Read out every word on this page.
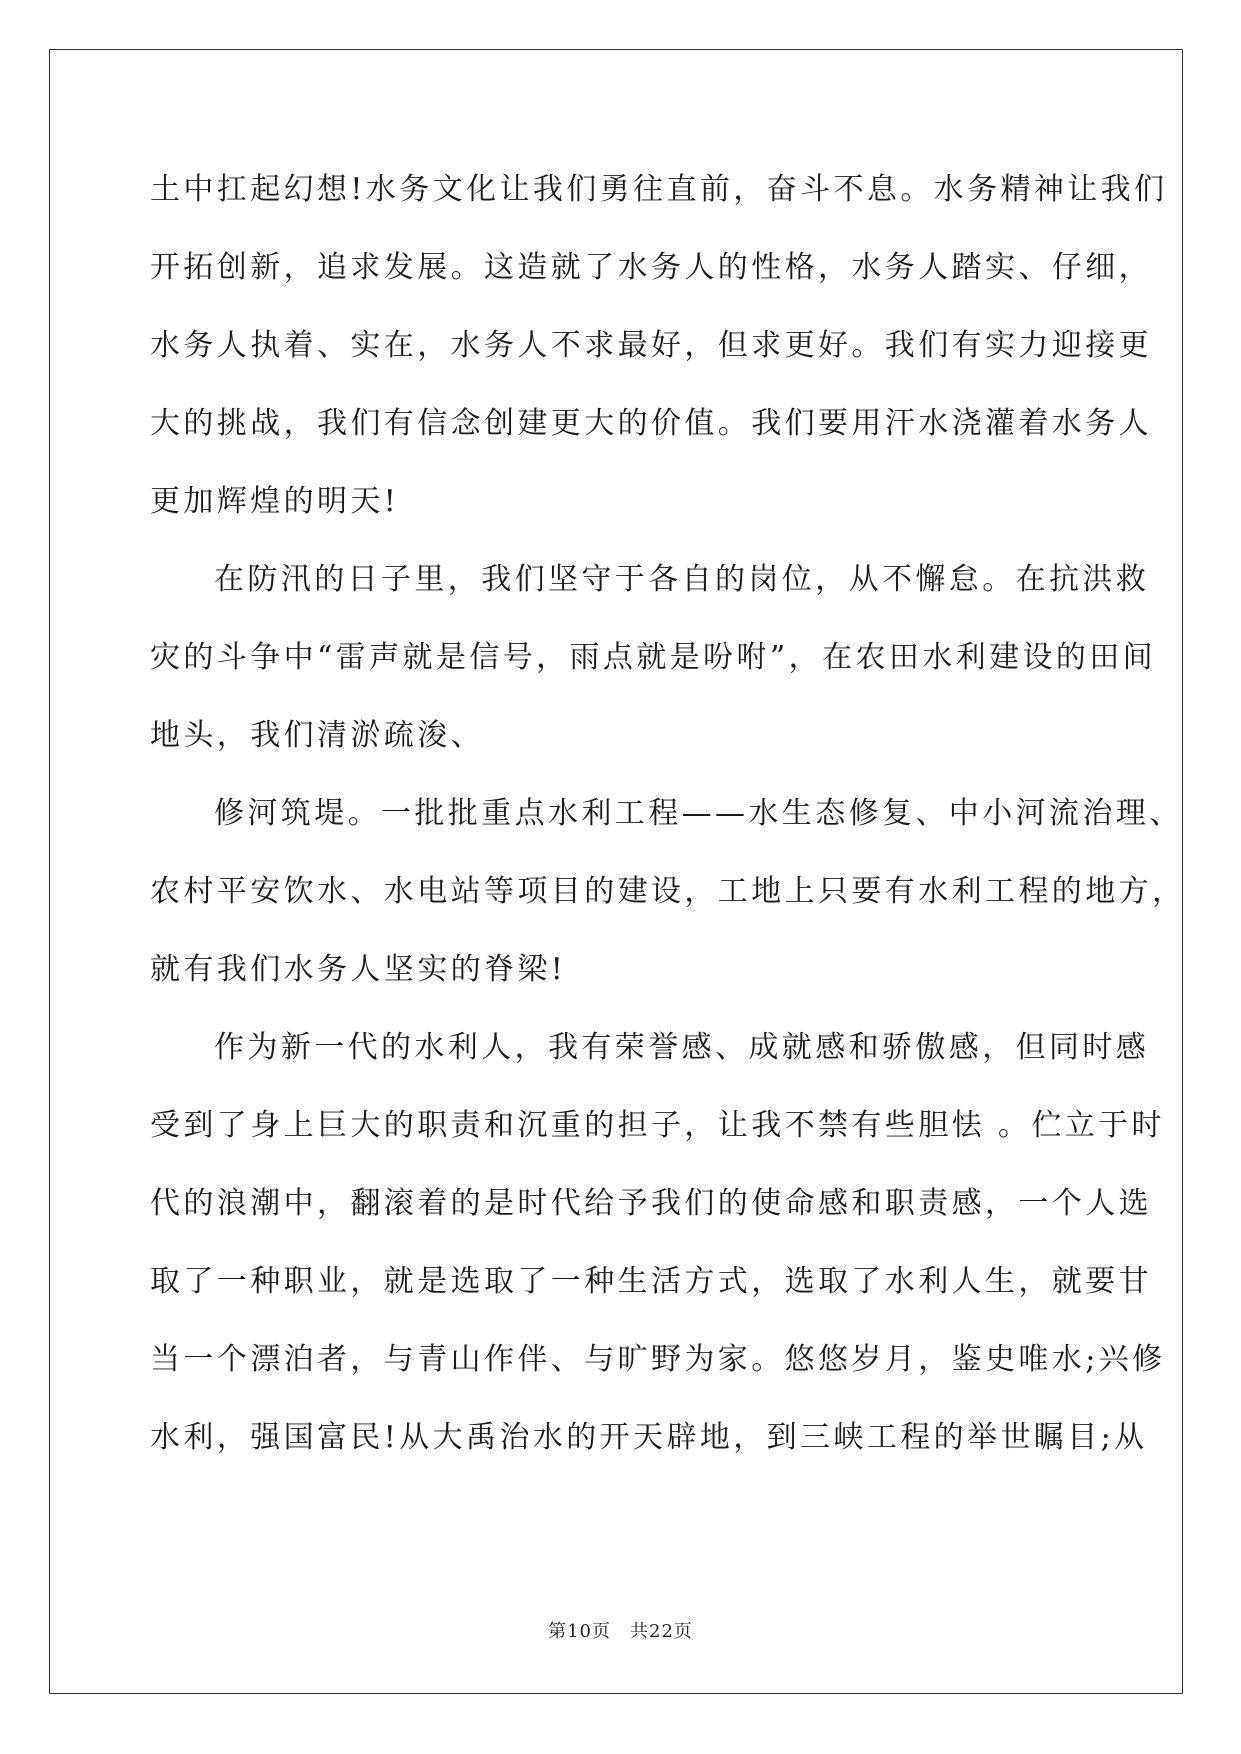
土中扛起幻想!水务文化让我们勇往直前，奋斗不息。水务精神让我们
开拓创新，追求发展。这造就了水务人的性格，水务人踏实、仔细，
水务人执着、实在，水务人不求最好，但求更好。我们有实力迎接更
大的挑战，我们有信念创建更大的价值。我们要用汗水浇灌着水务人
更加辉煌的明天!
在防汛的日子里，我们坚守于各自的岗位，从不懈怠。在抗洪救
灾的斗争中“雷声就是信号，雨点就是吩咐”，在农田水利建设的田间
地头，我们清淤疏浚、
修河筑堤。一批批重点水利工程——水生态修复、中小河流治理、
农村平安饮水、水电站等项目的建设，工地上只要有水利工程的地方，
就有我们水务人坚实的脊梁!
作为新一代的水利人，我有荣誉感、成就感和骄傲感，但同时感
受到了身上巨大的职责和沉重的担子，让我不禁有些胆怯 。伫立于时
代的浪潮中，翻滚着的是时代给予我们的使命感和职责感，一个人选
取了一种职业，就是选取了一种生活方式，选取了水利人生，就要甘
当一个漂泊者，与青山作伴、与旷野为家。悠悠岁月，鉴史唯水;兴修
水利，强国富民!从大禹治水的开天辟地，到三峡工程的举世瞩目;从
第10页　共22页
